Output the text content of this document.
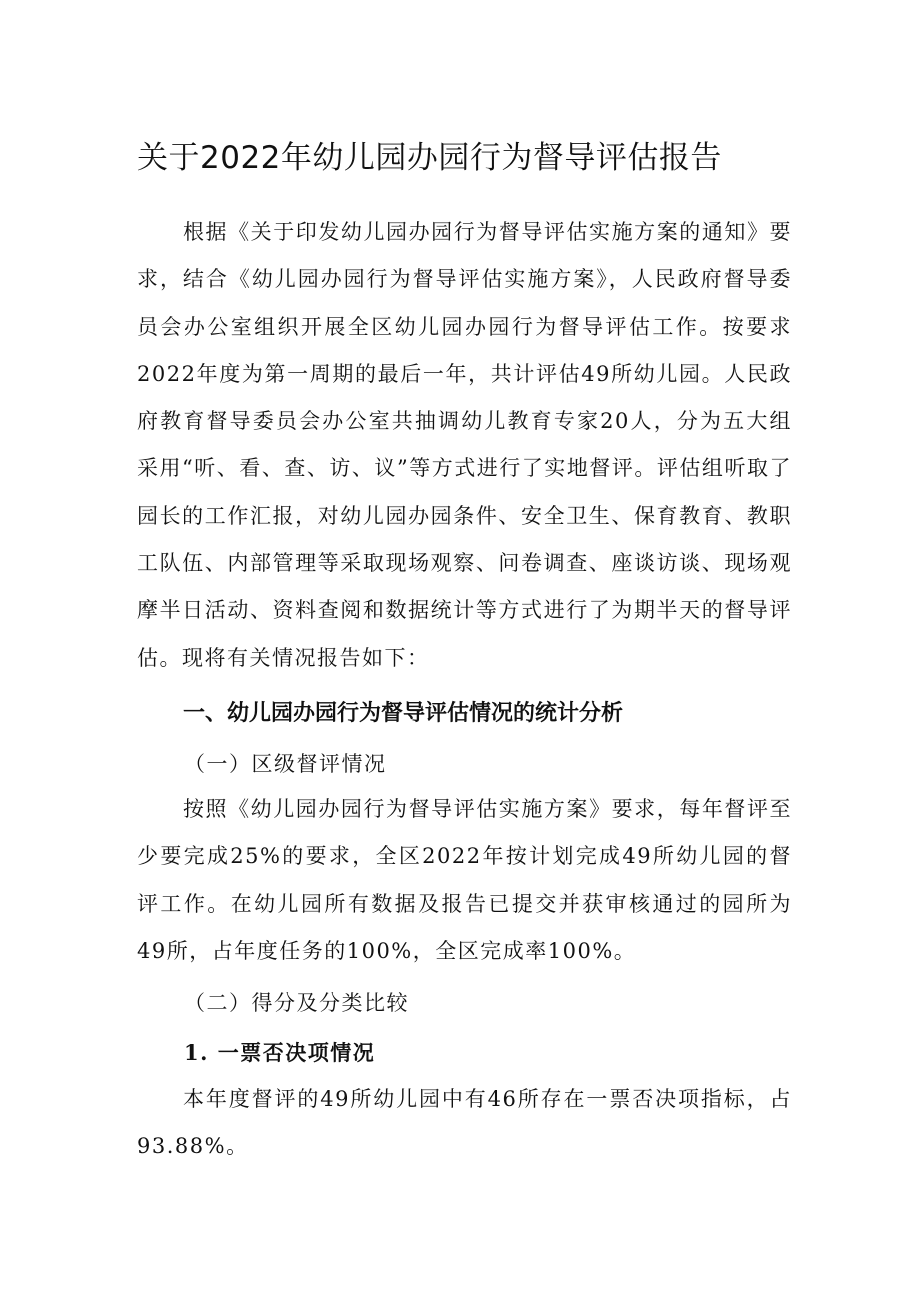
关于2022年幼儿园办园行为督导评估报告

根据《关于印发幼儿园办园行为督导评估实施方案的通知》要求，结合《幼儿园办园行为督导评估实施方案》，人民政府督导委员会办公室组织开展全区幼儿园办园行为督导评估工作。按要求2022年度为第一周期的最后一年，共计评估49所幼儿园。人民政府教育督导委员会办公室共抽调幼儿教育专家20人，分为五大组采用“听、看、查、访、议”等方式进行了实地督评。评估组听取了园长的工作汇报，对幼儿园办园条件、安全卫生、保育教育、教职工队伍、内部管理等采取现场观察、问卷调查、座谈访谈、现场观摩半日活动、资料查阅和数据统计等方式进行了为期半天的督导评估。现将有关情况报告如下：

一、幼儿园办园行为督导评估情况的统计分析
（一）区级督评情况

按照《幼儿园办园行为督导评估实施方案》要求，每年督评至少要完成25%的要求，全区2022年按计划完成49所幼儿园的督评工作。在幼儿园所有数据及报告已提交并获审核通过的园所为49所，占年度任务的100%，全区完成率100%。

（二）得分及分类比较
1. 一票否决项情况

本年度督评的49所幼儿园中有46所存在一票否决项指标，占93.88%。
